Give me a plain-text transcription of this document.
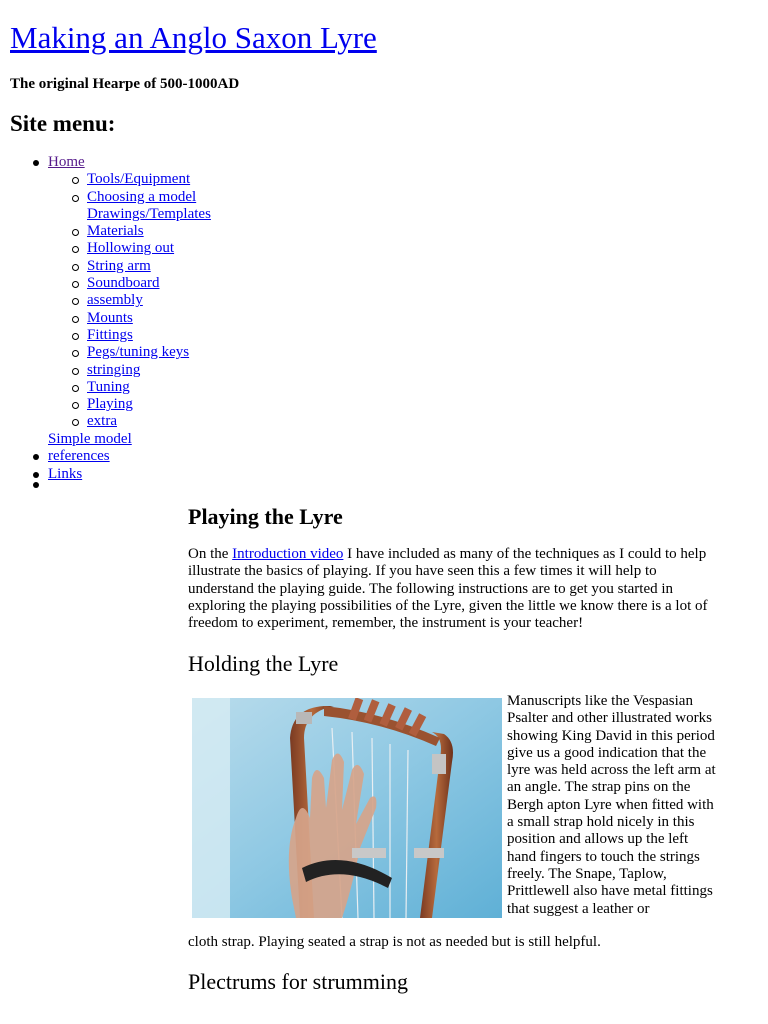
Making an Anglo Saxon Lyre

The original Hearpe of 500-1000AD

Site menu:
Home
Tools/Equipment
Choosing a model
Drawings/Templates
Materials
Hollowing out
String arm
Soundboard
assembly
Mounts
Fittings
Pegs/tuning keys
stringing
Tuning
Playing
extra
Simple model
references
Links
Playing the Lyre

On the Introduction video I have included as many of the techniques as I could to help illustrate the basics of playing. If you have seen this a few times it will help to understand the playing guide. The following instructions are to get you started in exploring the playing possibilities of the Lyre, given the little we know there is a lot of freedom to experiment, remember, the instrument is your teacher!

Holding the Lyre

Manuscripts like the Vespasian Psalter and other illustrated works showing King David in this period give us a good indication that the lyre was held across the left arm at an angle. The strap pins on the Bergh apton Lyre when fitted with a small strap hold nicely in this position and allows up the left hand fingers to touch the strings freely. The Snape, Taplow, Prittlewell also have metal fittings that suggest a leather or

cloth strap. Playing seated a strap is not as needed but is still helpful.

Plectrums for strumming
